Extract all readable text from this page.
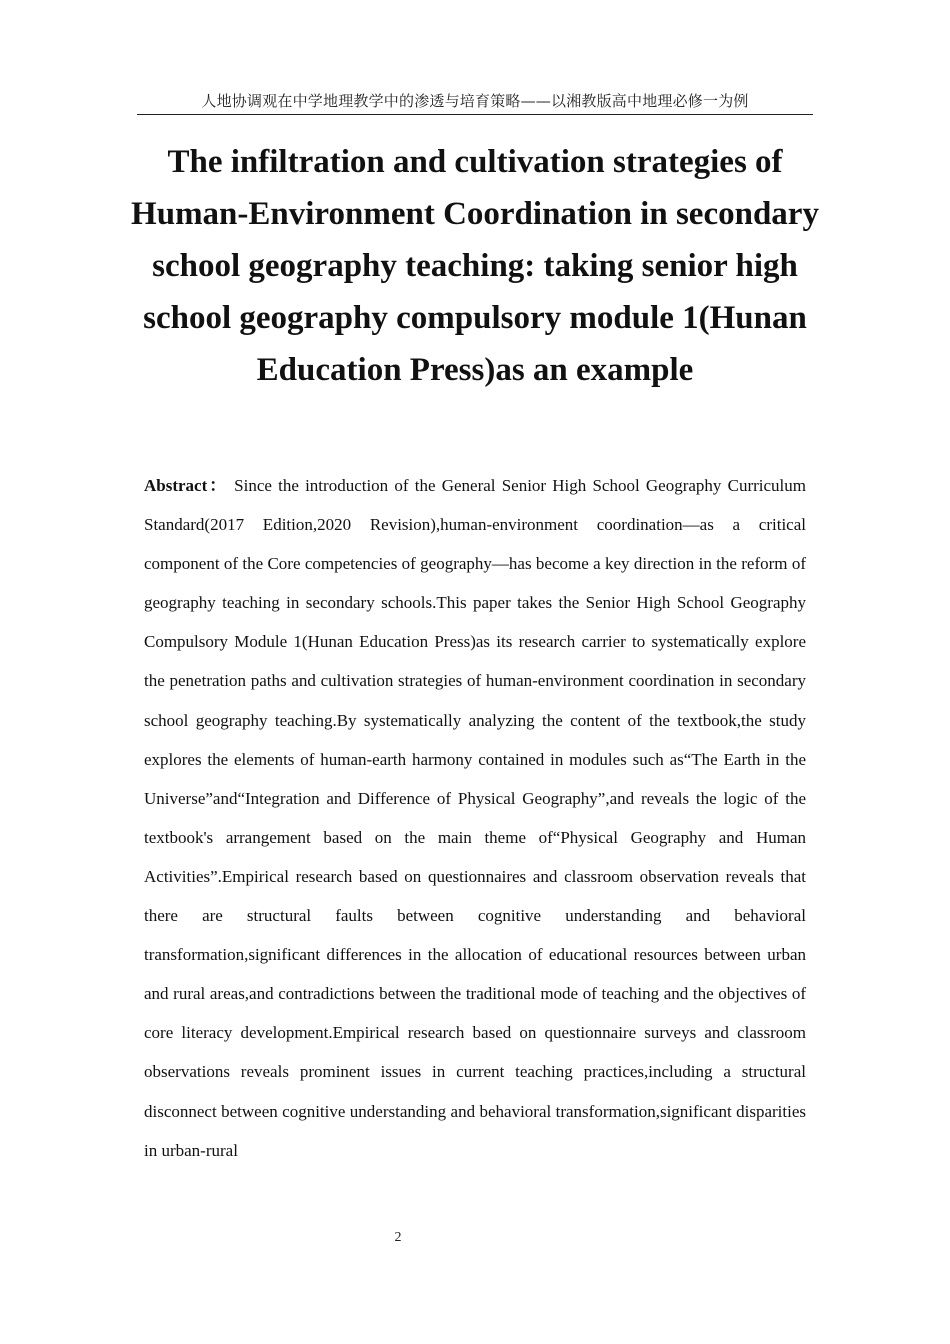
人地协调观在中学地理教学中的渗透与培育策略——以湘教版高中地理必修一为例
The infiltration and cultivation strategies of Human-Environment Coordination in secondary school geography teaching: taking senior high school geography compulsory module 1(Hunan Education Press)as an example

Abstract： Since the introduction of the General Senior High School Geography Curriculum Standard(2017 Edition,2020 Revision),human-environment coordination—as a critical component of the Core competencies of geography—has become a key direction in the reform of geography teaching in secondary schools.This paper takes the Senior High School Geography Compulsory Module 1(Hunan Education Press)as its research carrier to systematically explore the penetration paths and cultivation strategies of human-environment coordination in secondary school geography teaching.By systematically analyzing the content of the textbook,the study explores the elements of human-earth harmony contained in modules such as“The Earth in the Universe”and“Integration and Difference of Physical Geography”,and reveals the logic of the textbook's arrangement based on the main theme of“Physical Geography and Human Activities”.Empirical research based on questionnaires and classroom observation reveals that there are structural faults between cognitive understanding and behavioral transformation,significant differences in the allocation of educational resources between urban and rural areas,and contradictions between the traditional mode of teaching and the objectives of core literacy development.Empirical research based on questionnaire surveys and classroom observations reveals prominent issues in current teaching practices,including a structural disconnect between cognitive understanding and behavioral transformation,significant disparities in urban-rural

2
